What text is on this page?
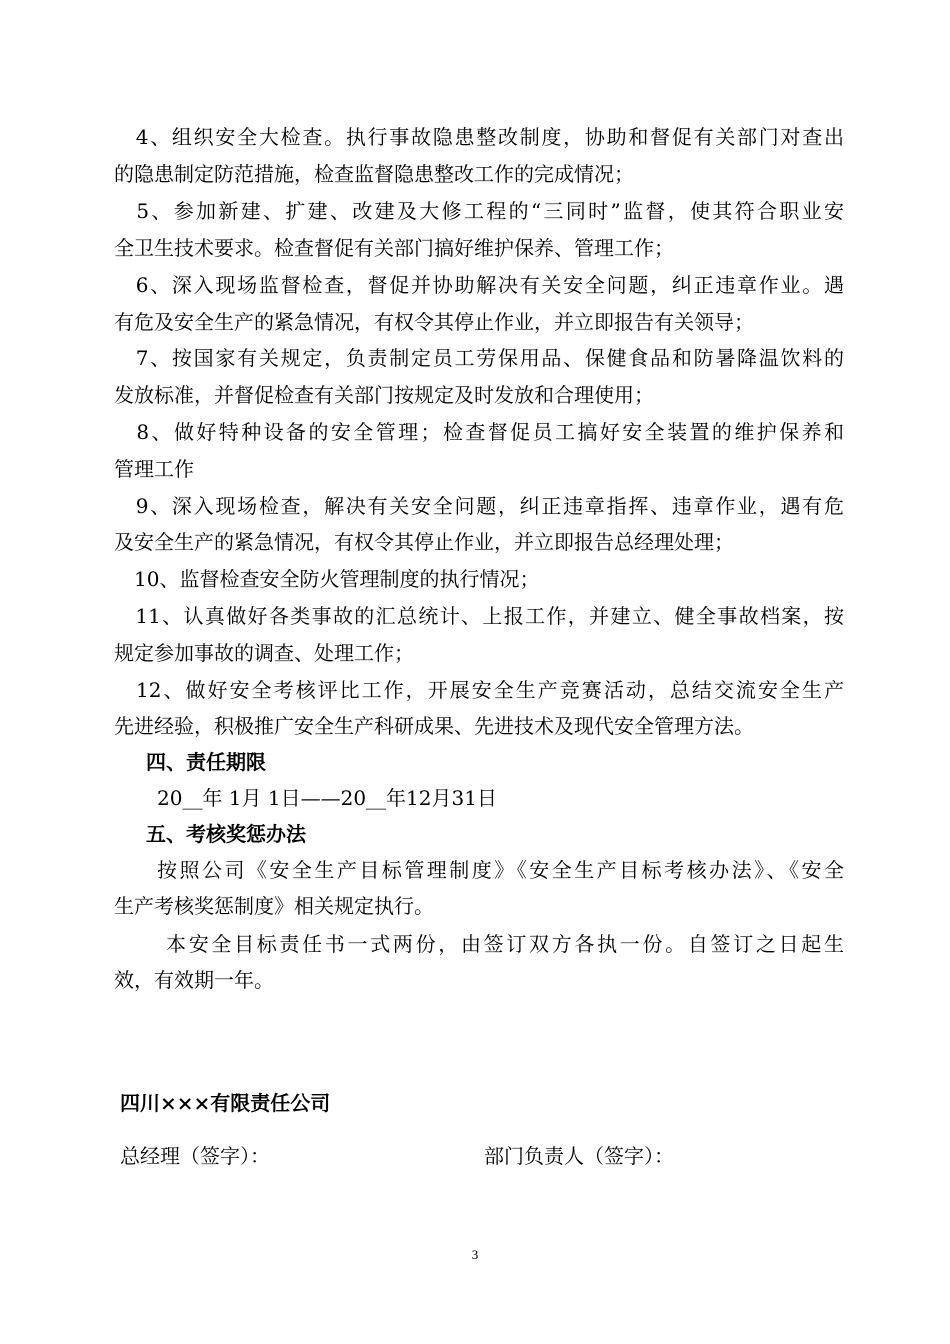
　4、组织安全大检查。执行事故隐患整改制度，协助和督促有关部门对查出
的隐患制定防范措施，检查监督隐患整改工作的完成情况；
　5、参加新建、扩建、改建及大修工程的“三同时”监督，使其符合职业安
全卫生技术要求。检查督促有关部门搞好维护保养、管理工作；
　6、深入现场监督检查，督促并协助解决有关安全问题，纠正违章作业。遇
有危及安全生产的紧急情况，有权令其停止作业，并立即报告有关领导；
　7、按国家有关规定，负责制定员工劳保用品、保健食品和防暑降温饮料的
发放标准，并督促检查有关部门按规定及时发放和合理使用；
　8、做好特种设备的安全管理；检查督促员工搞好安全装置的维护保养和
管理工作
　9、深入现场检查，解决有关安全问题，纠正违章指挥、违章作业，遇有危
及安全生产的紧急情况，有权令其停止作业，并立即报告总经理处理；
　10、监督检查安全防火管理制度的执行情况；
　11、认真做好各类事故的汇总统计、上报工作，并建立、健全事故档案，按
规定参加事故的调查、处理工作；
　12、做好安全考核评比工作，开展安全生产竞赛活动，总结交流安全生产
先进经验，积极推广安全生产科研成果、先进技术及现代安全管理方法。
四、责任期限
20__年 1月 1日——20__年12月31日
五、考核奖惩办法
按照公司《安全生产目标管理制度》《安全生产目标考核办法》、《安全
生产考核奖惩制度》相关规定执行。
本安全目标责任书一式两份，由签订双方各执一份。自签订之日起生
效，有效期一年。
四川×××有限责任公司
总经理（签字）：	部门负责人（签字）：
3
